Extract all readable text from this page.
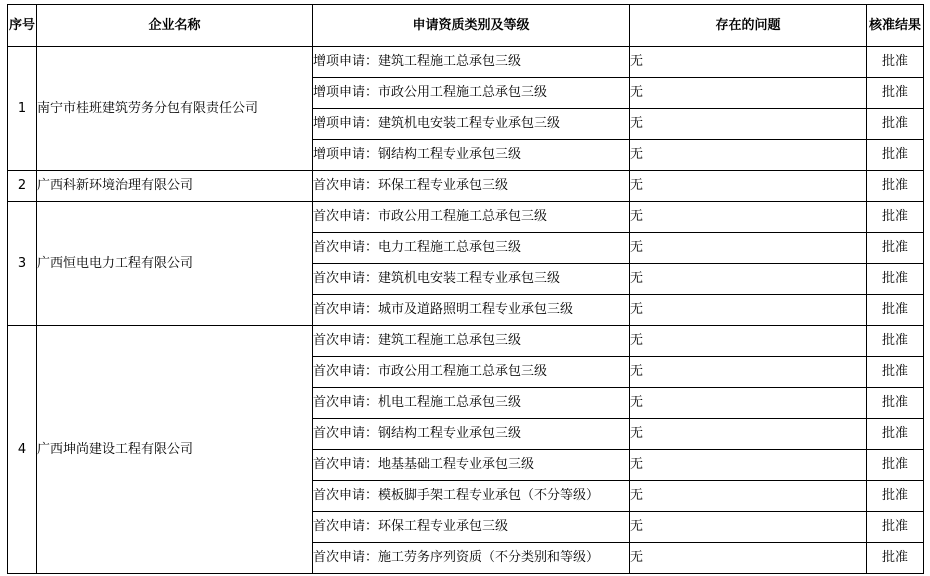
序号	企业名称	申请资质类别及等级	存在的问题	核准结果
1	南宁市桂班建筑劳务分包有限责任公司	增项申请：建筑工程施工总承包三级	无	批准
		增项申请：市政公用工程施工总承包三级	无	批准
		增项申请：建筑机电安装工程专业承包三级	无	批准
		增项申请：钢结构工程专业承包三级	无	批准
2	广西科新环境治理有限公司	首次申请：环保工程专业承包三级	无	批准
3	广西恒电电力工程有限公司	首次申请：市政公用工程施工总承包三级	无	批准
		首次申请：电力工程施工总承包三级	无	批准
		首次申请：建筑机电安装工程专业承包三级	无	批准
		首次申请：城市及道路照明工程专业承包三级	无	批准
4	广西坤尚建设工程有限公司	首次申请：建筑工程施工总承包三级	无	批准
		首次申请：市政公用工程施工总承包三级	无	批准
		首次申请：机电工程施工总承包三级	无	批准
		首次申请：钢结构工程专业承包三级	无	批准
		首次申请：地基基础工程专业承包三级	无	批准
		首次申请：模板脚手架工程专业承包（不分等级）	无	批准
		首次申请：环保工程专业承包三级	无	批准
		首次申请：施工劳务序列资质（不分类别和等级）	无	批准
